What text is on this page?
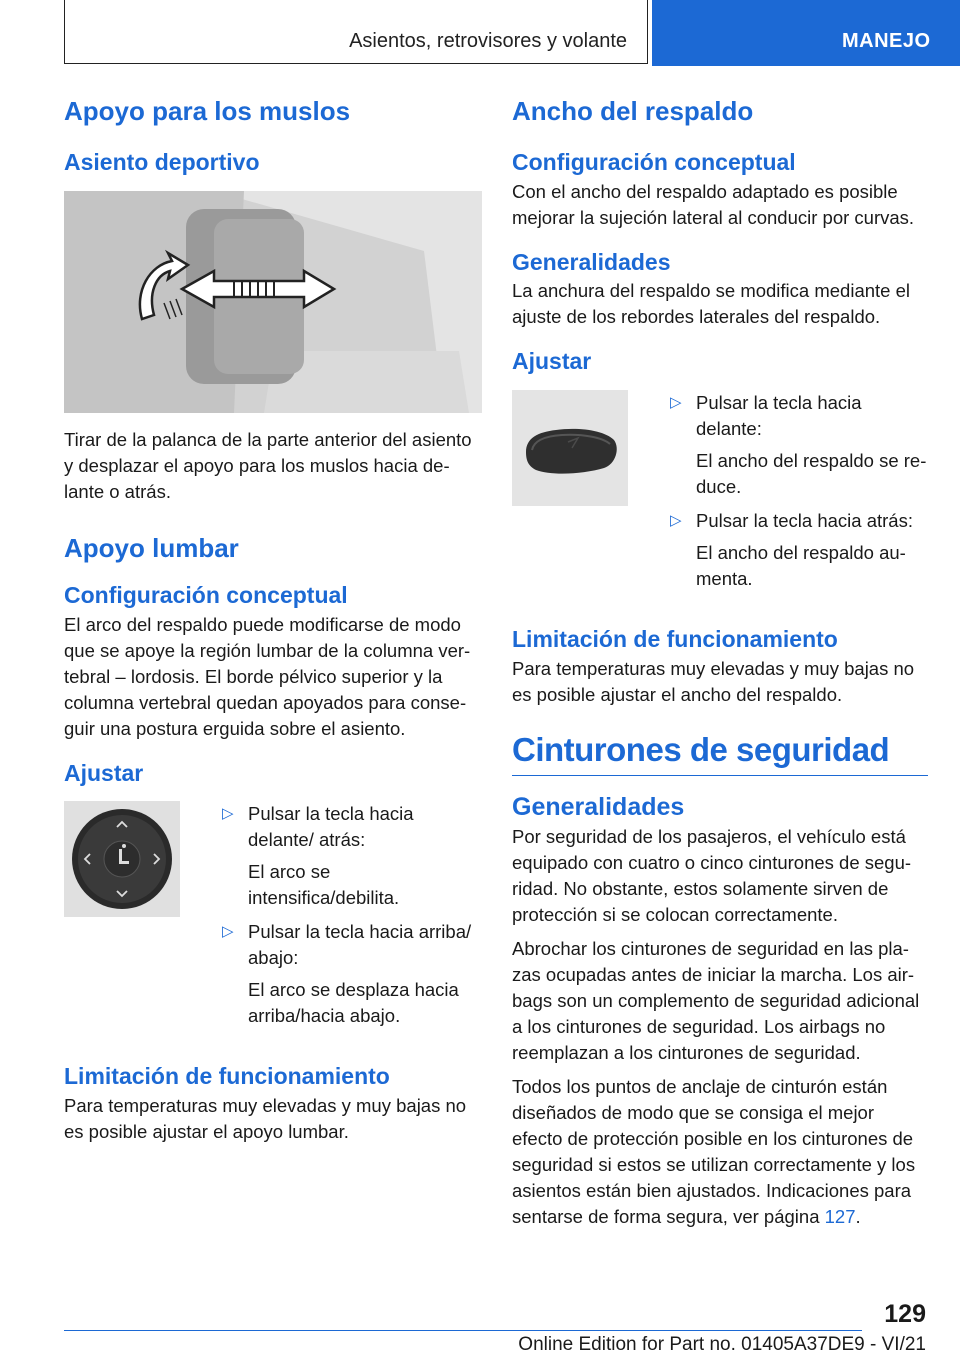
Asientos, retrovisores y volante	MANEJO
Apoyo para los muslos
Asiento deportivo

Tirar de la palanca de la parte anterior del asiento y desplazar el apoyo para los muslos hacia delante o atrás.

Apoyo lumbar
Configuración conceptual

El arco del respaldo puede modificarse de modo que se apoye la región lumbar de la columna vertebral – lordosis. El borde pélvico superior y la columna vertebral quedan apoyados para conseguir una postura erguida sobre el asiento.

Ajustar
▷ Pulsar la tecla hacia delante/ atrás:
El arco se intensifica/debilita.
▷ Pulsar la tecla hacia arriba/ abajo:
El arco se desplaza hacia arriba/hacia abajo.
Limitación de funcionamiento

Para temperaturas muy elevadas y muy bajas no es posible ajustar el apoyo lumbar.

Ancho del respaldo
Configuración conceptual

Con el ancho del respaldo adaptado es posible mejorar la sujeción lateral al conducir por curvas.

Generalidades

La anchura del respaldo se modifica mediante el ajuste de los rebordes laterales del respaldo.

Ajustar
▷ Pulsar la tecla hacia delante:
El ancho del respaldo se reduce.
▷ Pulsar la tecla hacia atrás:
El ancho del respaldo aumenta.
Limitación de funcionamiento

Para temperaturas muy elevadas y muy bajas no es posible ajustar el ancho del respaldo.

Cinturones de seguridad
Generalidades

Por seguridad de los pasajeros, el vehículo está equipado con cuatro o cinco cinturones de seguridad. No obstante, estos solamente sirven de protección si se colocan correctamente.

Abrochar los cinturones de seguridad en las plazas ocupadas antes de iniciar la marcha. Los airbags son un complemento de seguridad adicional a los cinturones de seguridad. Los airbags no reemplazan a los cinturones de seguridad.

Todos los puntos de anclaje de cinturón están diseñados de modo que se consiga el mejor efecto de protección posible en los cinturones de seguridad si estos se utilizan correctamente y los asientos están bien ajustados. Indicaciones para sentarse de forma segura, ver página 127.

129
Online Edition for Part no. 01405A37DE9 - VI/21
